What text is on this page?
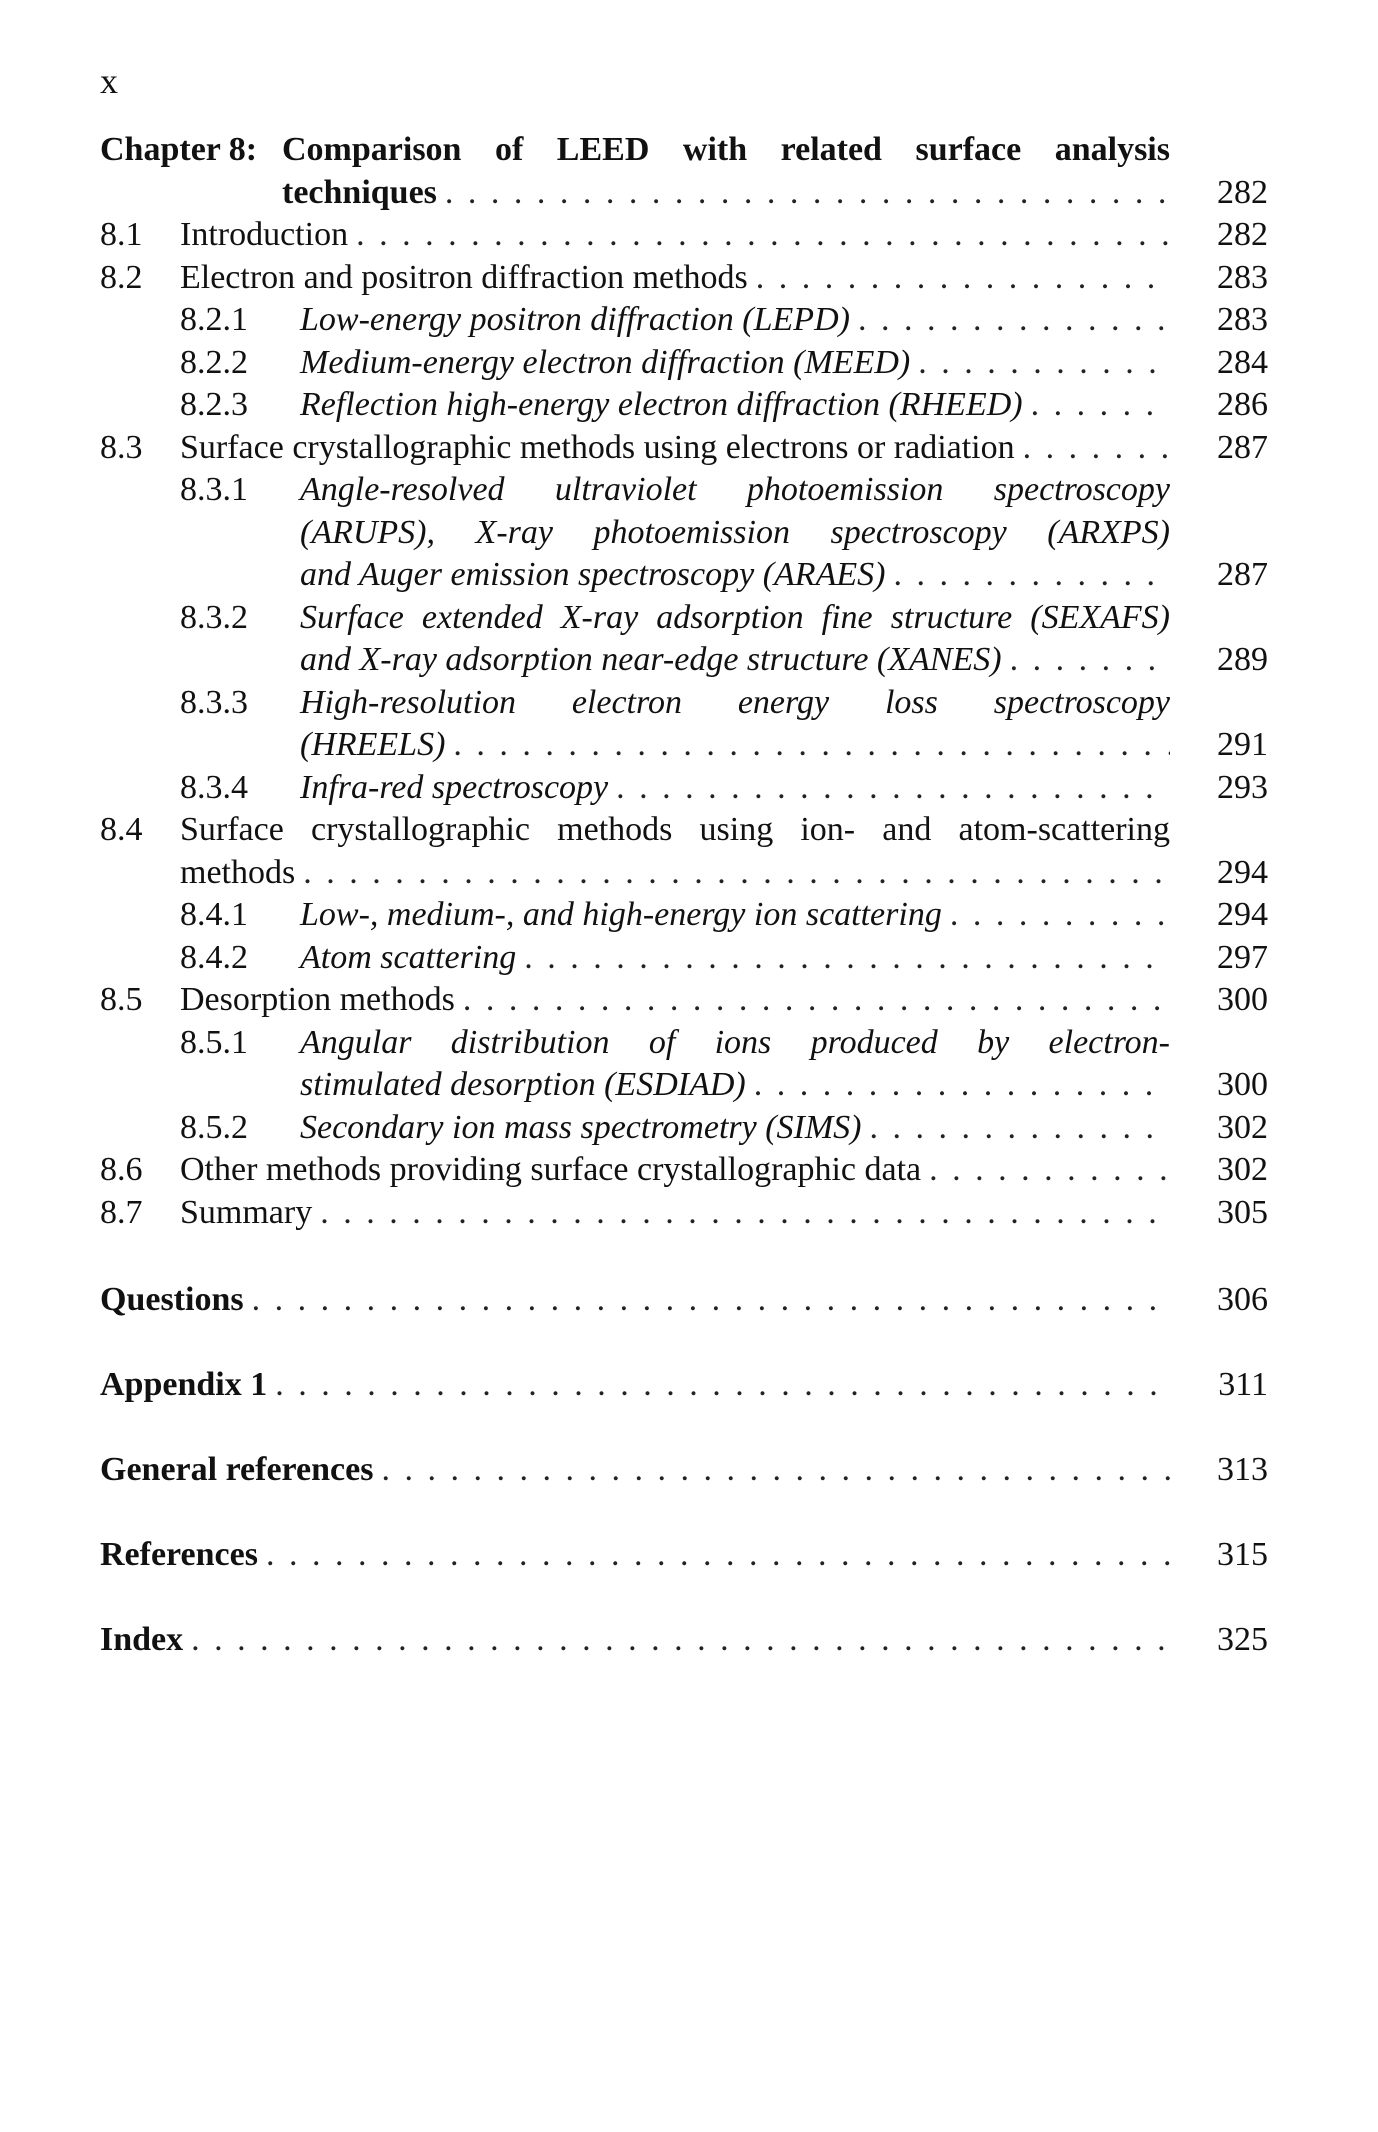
x
Chapter 8: Comparison of LEED with related surface analysis
techniques . . .	282
8.1 Introduction . . .	282
8.2 Electron and positron diffraction methods . . .	283
8.2.1 Low-energy positron diffraction (LEPD) . . .	283
8.2.2 Medium-energy electron diffraction (MEED) . . .	284
8.2.3 Reflection high-energy electron diffraction (RHEED) . . .	286
8.3 Surface crystallographic methods using electrons or radiation . . .	287
8.3.1 Angle-resolved ultraviolet photoemission spectroscopy
(ARUPS), X-ray photoemission spectroscopy (ARXPS)
and Auger emission spectroscopy (ARAES) . . .	287
8.3.2 Surface extended X-ray adsorption fine structure (SEXAFS)
and X-ray adsorption near-edge structure (XANES) . . .	289
8.3.3 High-resolution electron energy loss spectroscopy
(HREELS) . . .	291
8.3.4 Infra-red spectroscopy . . .	293
8.4 Surface crystallographic methods using ion- and atom-scattering
methods . . .	294
8.4.1 Low-, medium-, and high-energy ion scattering . . .	294
8.4.2 Atom scattering . . .	297
8.5 Desorption methods . . .	300
8.5.1 Angular distribution of ions produced by electron-
stimulated desorption (ESDIAD) . . .	300
8.5.2 Secondary ion mass spectrometry (SIMS) . . .	302
8.6 Other methods providing surface crystallographic data . . .	302
8.7 Summary . . .	305
Questions . . .	306
Appendix 1 . . .	311
General references . . .	313
References . . .	315
Index . . .	325
